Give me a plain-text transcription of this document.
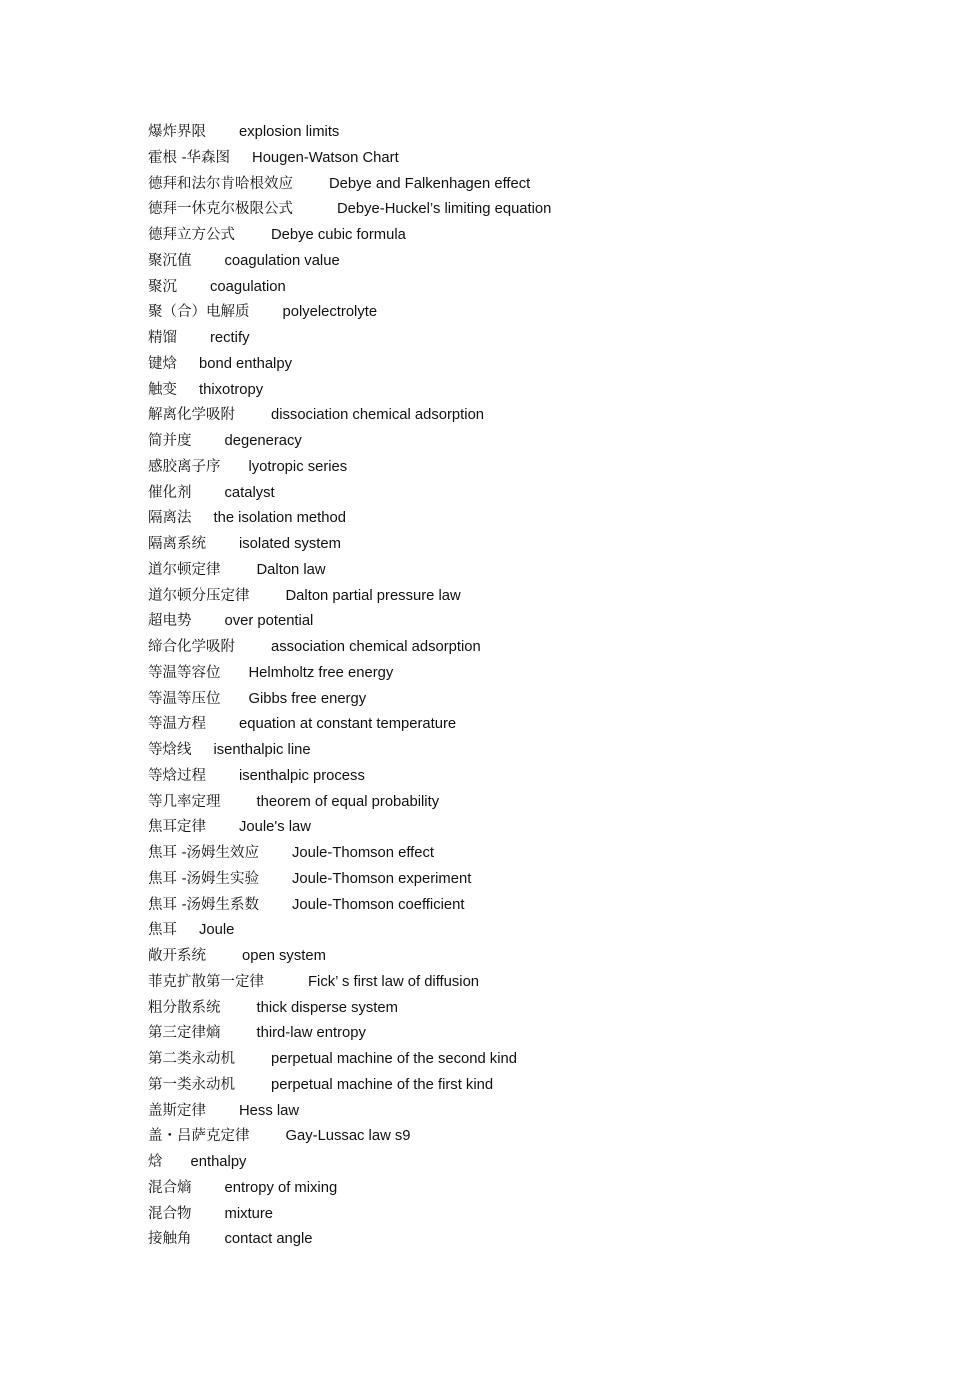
爆炸界限 explosion limits
霍根 -华森图 Hougen-Watson Chart
德拜和法尔肯哈根效应 Debye and Falkenhagen effect
德拜一休克尔极限公式	Debye-Huckel’s limiting equation
德拜立方公式 Debye cubic formula
聚沉值 coagulation value
聚沉 coagulation
聚（合）电解质 polyelectrolyte
精馏 rectify
键焓 bond enthalpy
触变 thixotropy
解离化学吸附 dissociation chemical adsorption
简并度 degeneracy
感胶离子序 lyotropic series
催化剂 catalyst
隔离法 the isolation method
隔离系统 isolated system
道尔顿定律 Dalton law
道尔顿分压定律 Dalton partial pressure law
超电势 over potential
缔合化学吸附 association chemical adsorption
等温等容位 Helmholtz free energy
等温等压位 Gibbs free energy
等温方程 equation at constant temperature
等焓线 isenthalpic line
等焓过程 isenthalpic process
等几率定理 theorem of equal probability
焦耳定律 Joule's law
焦耳 -汤姆生效应 Joule-Thomson effect
焦耳 -汤姆生实验 Joule-Thomson experiment
焦耳 -汤姆生系数 Joule-Thomson coefficient
焦耳 Joule
敞开系统 open system
菲克扩散第一定律	Fick’ s first law of diffusion
粗分散系统 thick disperse system
第三定律熵 third-law entropy
第二类永动机 perpetual machine of the second kind
第一类永动机 perpetual machine of the first kind
盖斯定律 Hess law
盖・吕萨克定律 Gay-Lussac law s9
焓 enthalpy
混合熵 entropy of mixing
混合物 mixture
接触角 contact angle
